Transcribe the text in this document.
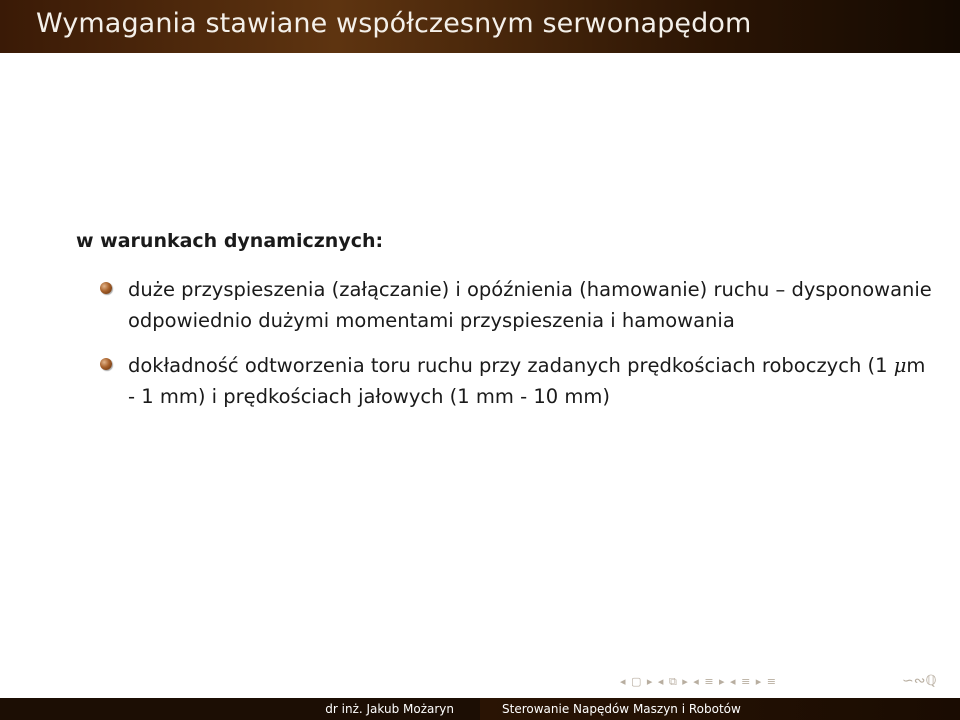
Wymagania stawiane współczesnym serwonapędom
w warunkach dynamicznych:
duże przyspieszenia (załączanie) i opóźnienia (hamowanie) ruchu – dysponowanie odpowiednio dużymi momentami przyspieszenia i hamowania
dokładność odtworzenia toru ruchu przy zadanych prędkościach roboczych (1 μm - 1 mm) i prędkościach jałowych (1 mm - 10 mm)
◂ ▢ ▸ ◂ ⧉ ▸ ◂ ≡ ▸ ◂ ≡ ▸ ≡	∽∾ℚ
dr inż. Jakub Możaryn	Sterowanie Napędów Maszyn i Robotów
